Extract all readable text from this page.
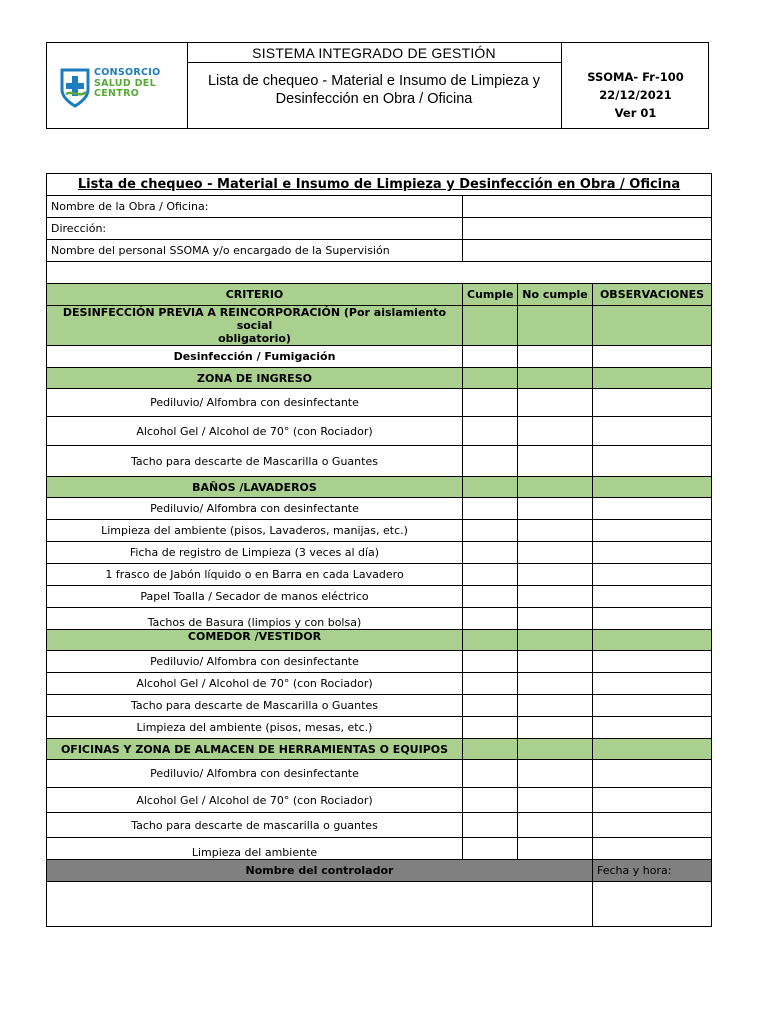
CONSORCIO
SALUD DEL
CENTRO
SISTEMA INTEGRADO DE GESTIÓN
Lista de chequeo - Material e Insumo de Limpieza y
Desinfección en Obra / Oficina
SSOMA- Fr-100
22/12/2021
Ver 01
Lista de chequeo - Material e Insumo de Limpieza y Desinfección en Obra / Oficina			
Nombre de la Obra / Oficina:			
Dirección:			
Nombre del personal SSOMA y/o encargado de la Supervisión			

CRITERIO	Cumple	No cumple	OBSERVACIONES

DESINFECCIÓN PREVIA A REINCORPORACIÓN (Por aislamiento social
obligatorio)			

Desinfección / Fumigación			
ZONA DE INGRESO			
Pediluvio/ Alfombra con desinfectante			
Alcohol Gel / Alcohol de 70° (con Rociador)			
Tacho para descarte de Mascarilla o Guantes			
BAÑOS /LAVADEROS			
Pediluvio/ Alfombra con desinfectante			
Limpieza del ambiente (pisos, Lavaderos, manijas, etc.)			
Ficha de registro de Limpieza (3 veces al día)			
1 frasco de Jabón líquido o en Barra en cada Lavadero			
Papel Toalla / Secador de manos eléctrico			
Tachos de Basura (limpios y con bolsa)			
COMEDOR /VESTIDOR			
Pediluvio/ Alfombra con desinfectante			
Alcohol Gel / Alcohol de 70° (con Rociador)			
Tacho para descarte de Mascarilla o Guantes			
Limpieza del ambiente (pisos, mesas, etc.)			
OFICINAS Y ZONA DE ALMACEN DE HERRAMIENTAS O EQUIPOS			
Pediluvio/ Alfombra con desinfectante			
Alcohol Gel / Alcohol de 70° (con Rociador)			
Tacho para descarte de mascarilla o guantes			
Limpieza del ambiente			
Nombre del controlador			Fecha y hora:
